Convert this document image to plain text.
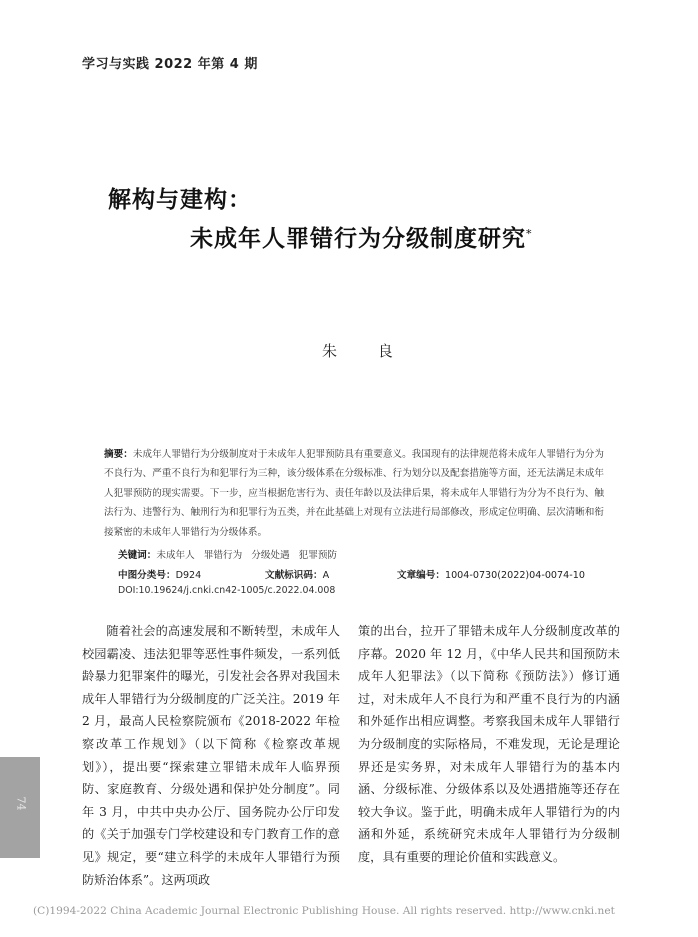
学习与实践 2022 年第 4 期
解构与建构：
未成年人罪错行为分级制度研究*
朱 良
摘要：未成年人罪错行为分级制度对于未成年人犯罪预防具有重要意义。我国现有的法律规范将未成年人罪错行为分为不良行为、严重不良行为和犯罪行为三种，该分级体系在分级标准、行为划分以及配套措施等方面，还无法满足未成年人犯罪预防的现实需要。下一步，应当根据危害行为、责任年龄以及法律后果，将未成年人罪错行为分为不良行为、触法行为、违警行为、触刑行为和犯罪行为五类，并在此基础上对现有立法进行局部修改，形成定位明确、层次清晰和衔接紧密的未成年人罪错行为分级体系。
关键词：未成年人 罪错行为 分级处遇 犯罪预防
中图分类号：D924	文献标识码：A	文章编号：1004-0730(2022)04-0074-10
DOI:10.19624/j.cnki.cn42-1005/c.2022.04.008

随着社会的高速发展和不断转型，未成年人校园霸凌、违法犯罪等恶性事件频发，一系列低龄暴力犯罪案件的曝光，引发社会各界对我国未成年人罪错行为分级制度的广泛关注。2019 年 2 月，最高人民检察院颁布《2018-2022 年检察改革工作规划》（以下简称《检察改革规划》），提出要“探索建立罪错未成年人临界预防、家庭教育、分级处遇和保护处分制度”。同年 3 月，中共中央办公厅、国务院办公厅印发的《关于加强专门学校建设和专门教育工作的意见》规定，要“建立科学的未成年人罪错行为预防矫治体系”。这两项政

策的出台，拉开了罪错未成年人分级制度改革的序幕。2020 年 12 月，《中华人民共和国预防未成年人犯罪法》（以下简称《预防法》）修订通过，对未成年人不良行为和严重不良行为的内涵和外延作出相应调整。考察我国未成年人罪错行为分级制度的实际格局，不难发现，无论是理论界还是实务界，对未成年人罪错行为的基本内涵、分级标准、分级体系以及处遇措施等还存在较大争议。鉴于此，明确未成年人罪错行为的内涵和外延，系统研究未成年人罪错行为分级制度，具有重要的理论价值和实践意义。

74
(C)1994-2022 China Academic Journal Electronic Publishing House. All rights reserved. http://www.cnki.net
